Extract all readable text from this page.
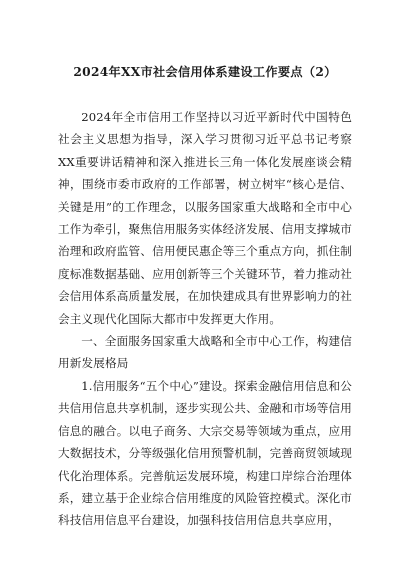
2024年XX市社会信用体系建设工作要点（2）

2024年全市信用工作坚持以习近平新时代中国特色社会主义思想为指导，深入学习贯彻习近平总书记考察XX重要讲话精神和深入推进长三角一体化发展座谈会精神，围绕市委市政府的工作部署，树立树牢“核心是信、关键是用”的工作理念，以服务国家重大战略和全市中心工作为牵引，聚焦信用服务实体经济发展、信用支撑城市治理和政府监管、信用便民惠企等三个重点方向，抓住制度标准数据基础、应用创新等三个关键环节，着力推动社会信用体系高质量发展，在加快建成具有世界影响力的社会主义现代化国际大都市中发挥更大作用。

一、全面服务国家重大战略和全市中心工作，构建信用新发展格局

1.信用服务“五个中心”建设。探索金融信用信息和公共信用信息共享机制，逐步实现公共、金融和市场等信用信息的融合。以电子商务、大宗交易等领域为重点，应用大数据技术，分等级强化信用预警机制，完善商贸领域现代化治理体系。完善航运发展环境，构建口岸综合治理体系，建立基于企业综合信用维度的风险管控模式。深化市科技信用信息平台建设，加强科技信用信息共享应用，
